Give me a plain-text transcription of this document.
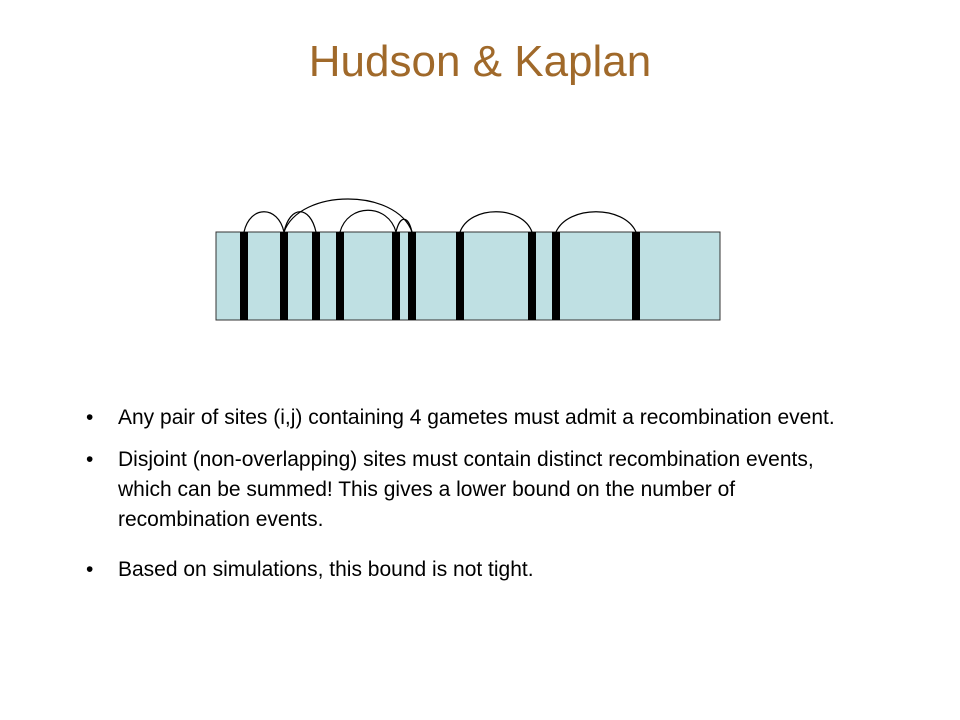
Hudson & Kaplan
• Any pair of sites (i,j) containing 4 gametes must admit a recombination event.
• Disjoint (non-overlapping) sites must contain distinct recombination events, which can be summed! This gives a lower bound on the number of recombination events.
• Based on simulations, this bound is not tight.
